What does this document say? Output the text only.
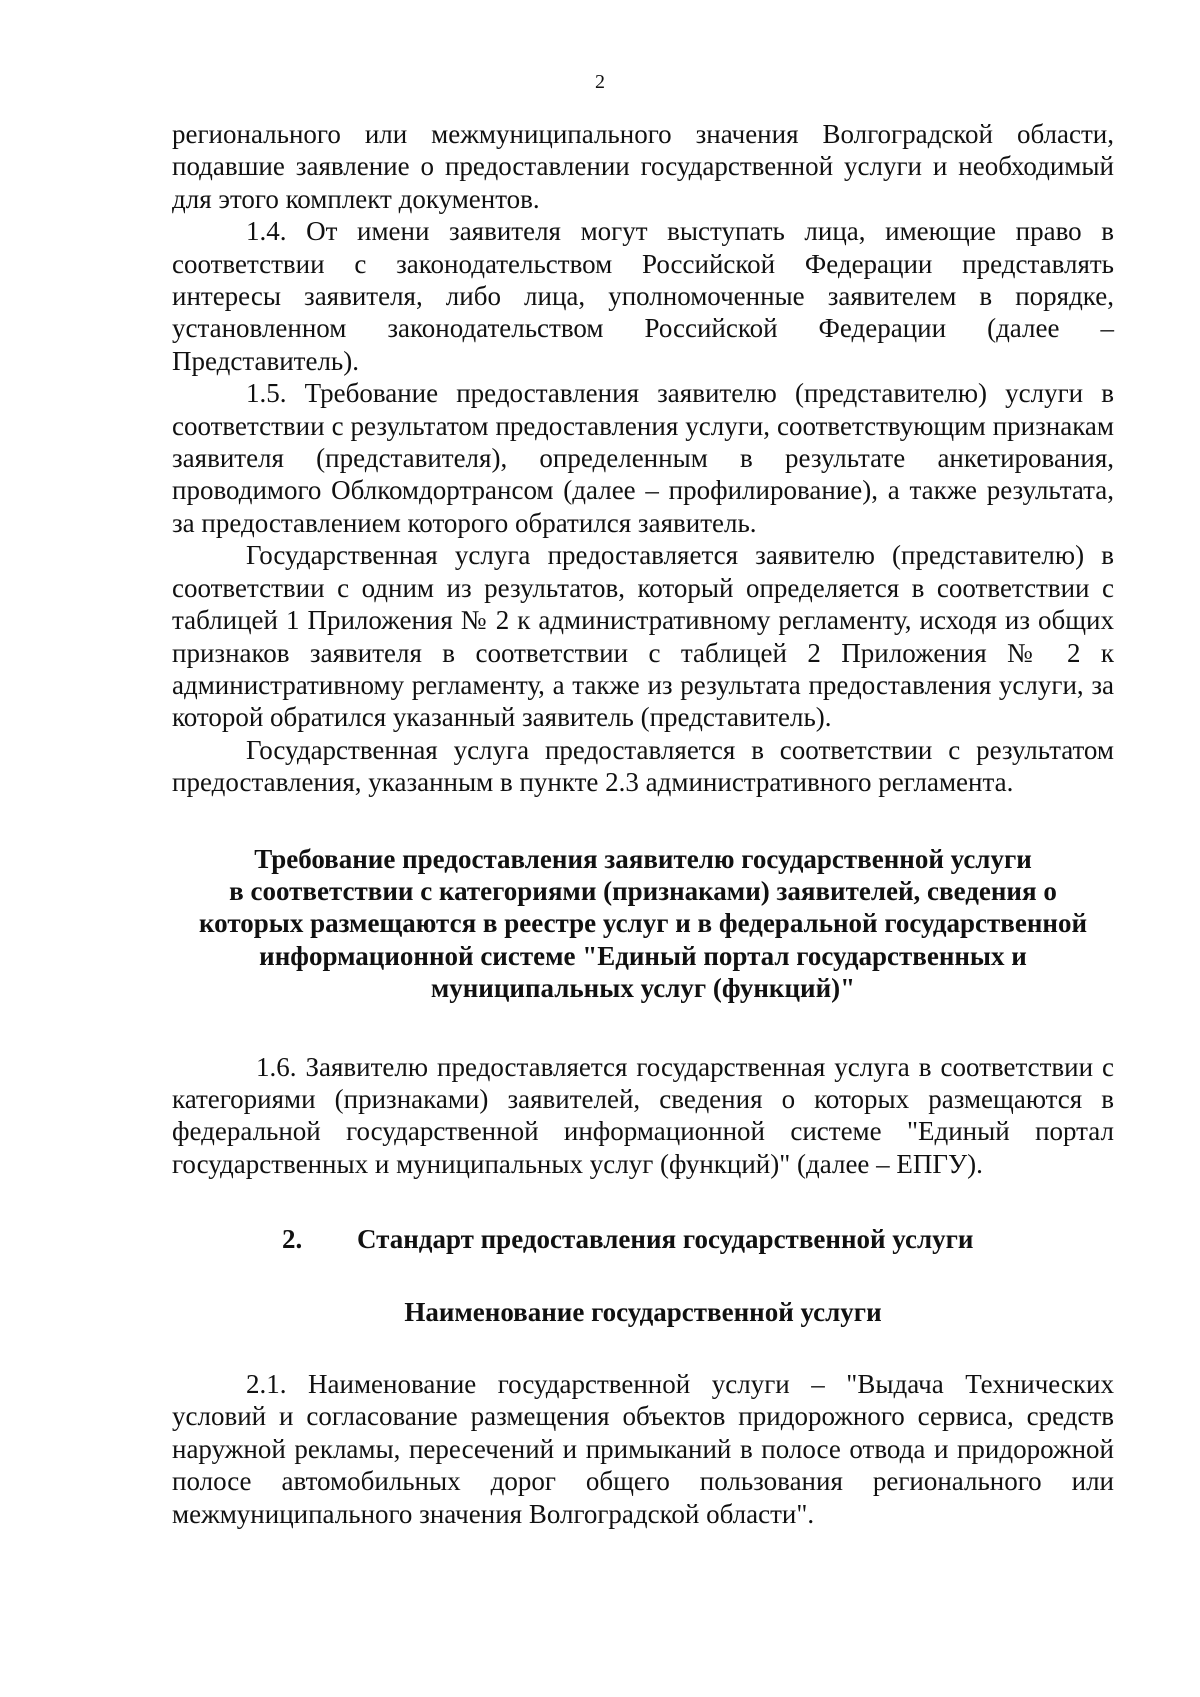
2

регионального или межмуниципального значения Волгоградской области, подавшие заявление о предоставлении государственной услуги и необходимый для этого комплект документов.

1.4. От имени заявителя могут выступать лица, имеющие право в соответствии с законодательством Российской Федерации представлять интересы заявителя, либо лица, уполномоченные заявителем в порядке, установленном законодательством Российской Федерации (далее – Представитель).

1.5. Требование предоставления заявителю (представителю) услуги в соответствии с результатом предоставления услуги, соответствующим признакам заявителя (представителя), определенным в результате анкетирования, проводимого Облкомдортрансом (далее – профилирование), а также результата, за предоставлением которого обратился заявитель.

Государственная услуга предоставляется заявителю (представителю) в соответствии с одним из результатов, который определяется в соответствии с таблицей 1 Приложения № 2 к административному регламенту, исходя из общих признаков заявителя в соответствии с таблицей 2 Приложения № 2 к административному регламенту, а также из результата предоставления услуги, за которой обратился указанный заявитель (представитель).

Государственная услуга предоставляется в соответствии с результатом предоставления, указанным в пункте 2.3 административного регламента.

Требование предоставления заявителю государственной услуги

в соответствии с категориями (признаками) заявителей, сведения о

которых размещаются в реестре услуг и в федеральной государственной

информационной системе "Единый портал государственных и

муниципальных услуг (функций)"

1.6. Заявителю предоставляется государственная услуга в соответствии с категориями (признаками) заявителей, сведения о которых размещаются в федеральной государственной информационной системе "Единый портал государственных и муниципальных услуг (функций)" (далее – ЕПГУ).

2.	Стандарт предоставления государственной услуги

Наименование государственной услуги

2.1. Наименование государственной услуги – "Выдача Технических условий и согласование размещения объектов придорожного сервиса, средств наружной рекламы, пересечений и примыканий в полосе отвода и придорожной полосе автомобильных дорог общего пользования регионального или межмуниципального значения Волгоградской области".
